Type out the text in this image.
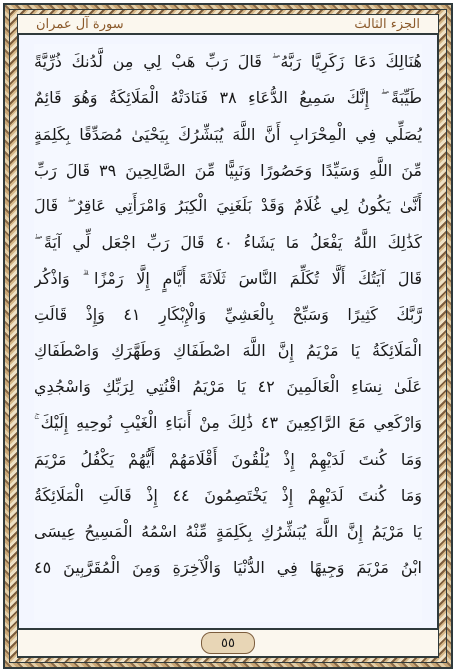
الجزء الثالث
سورة آل عمران
هُنَالِكَ دَعَا زَكَرِيَّا رَبَّهُ ۖ قَالَ رَبِّ هَبْ لِي مِن لَّدُنكَ ذُرِّيَّةً
طَيِّبَةً ۖ إِنَّكَ سَمِيعُ الدُّعَاءِ ٣٨ فَنَادَتْهُ الْمَلَائِكَةُ وَهُوَ قَائِمٌ
يُصَلِّي فِي الْمِحْرَابِ أَنَّ اللَّهَ يُبَشِّرُكَ بِيَحْيَىٰ مُصَدِّقًا بِكَلِمَةٍ
مِّنَ اللَّهِ وَسَيِّدًا وَحَصُورًا وَنَبِيًّا مِّنَ الصَّالِحِينَ ٣٩ قَالَ رَبِّ
أَنَّىٰ يَكُونُ لِي غُلَامٌ وَقَدْ بَلَغَنِيَ الْكِبَرُ وَامْرَأَتِي عَاقِرٌ ۖ قَالَ
كَذَٰلِكَ اللَّهُ يَفْعَلُ مَا يَشَاءُ ٤٠ قَالَ رَبِّ اجْعَل لِّي آيَةً ۖ
قَالَ آيَتُكَ أَلَّا تُكَلِّمَ النَّاسَ ثَلَاثَةَ أَيَّامٍ إِلَّا رَمْزًا ۗ وَاذْكُر
رَّبَّكَ كَثِيرًا وَسَبِّحْ بِالْعَشِيِّ وَالْإِبْكَارِ ٤١ وَإِذْ قَالَتِ
الْمَلَائِكَةُ يَا مَرْيَمُ إِنَّ اللَّهَ اصْطَفَاكِ وَطَهَّرَكِ وَاصْطَفَاكِ
عَلَىٰ نِسَاءِ الْعَالَمِينَ ٤٢ يَا مَرْيَمُ اقْنُتِي لِرَبِّكِ وَاسْجُدِي
وَارْكَعِي مَعَ الرَّاكِعِينَ ٤٣ ذَٰلِكَ مِنْ أَنبَاءِ الْغَيْبِ نُوحِيهِ إِلَيْكَ ۚ
وَمَا كُنتَ لَدَيْهِمْ إِذْ يُلْقُونَ أَقْلَامَهُمْ أَيُّهُمْ يَكْفُلُ مَرْيَمَ
وَمَا كُنتَ لَدَيْهِمْ إِذْ يَخْتَصِمُونَ ٤٤ إِذْ قَالَتِ الْمَلَائِكَةُ
يَا مَرْيَمُ إِنَّ اللَّهَ يُبَشِّرُكِ بِكَلِمَةٍ مِّنْهُ اسْمُهُ الْمَسِيحُ عِيسَى
ابْنُ مَرْيَمَ وَجِيهًا فِي الدُّنْيَا وَالْآخِرَةِ وَمِنَ الْمُقَرَّبِينَ ٤٥
٥٥
